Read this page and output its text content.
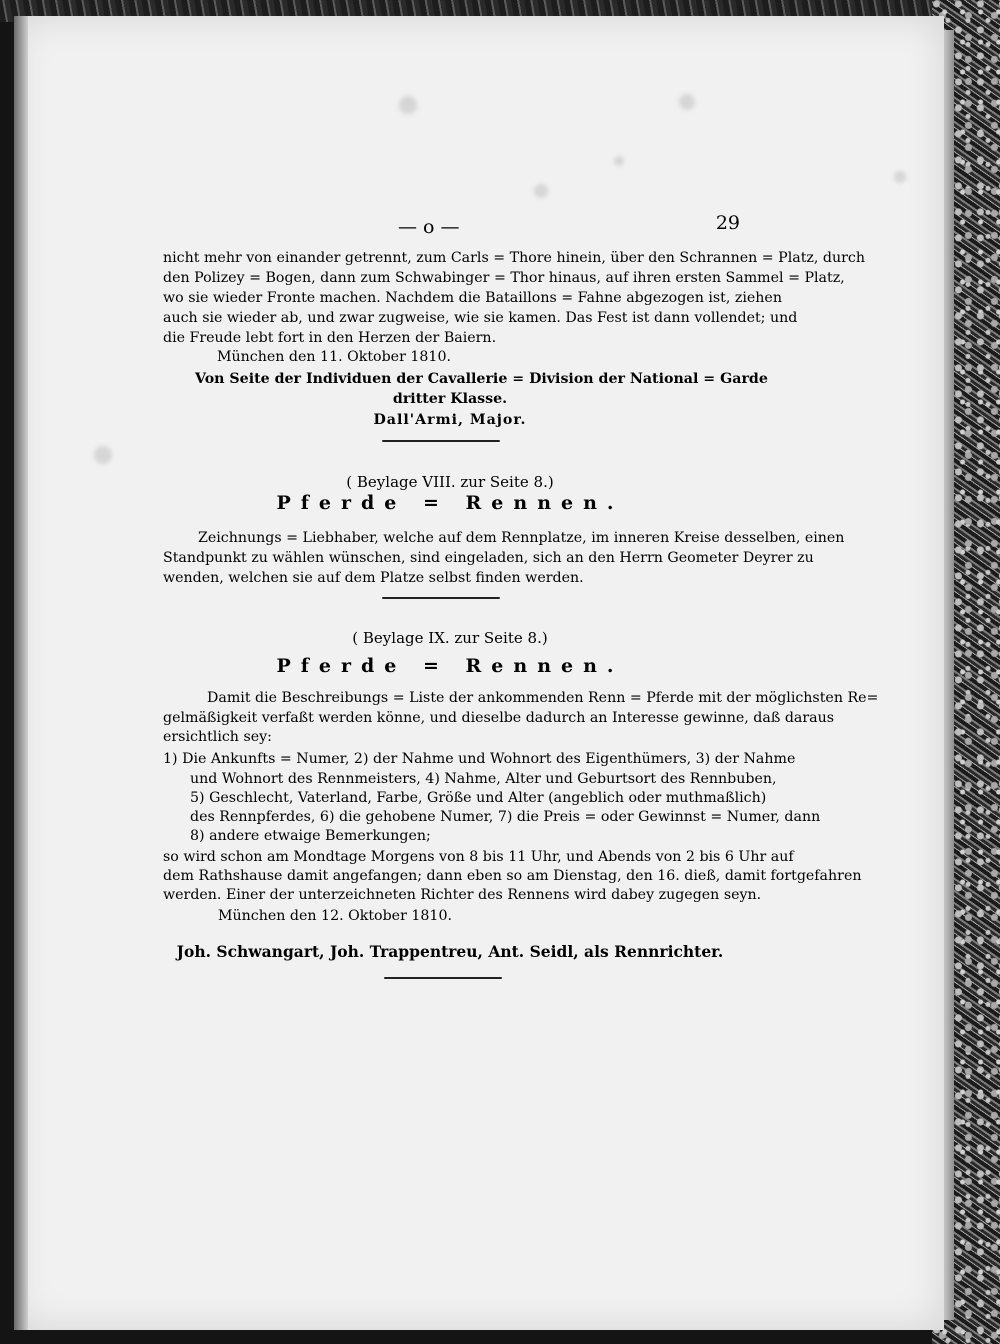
— o —	29
nicht mehr von einander getrennt, zum Carls = Thore hinein, über den Schrannen = Platz, durch
den Polizey = Bogen, dann zum Schwabinger = Thor hinaus, auf ihren ersten Sammel = Platz,
wo sie wieder Fronte machen. Nachdem die Bataillons = Fahne abgezogen ist, ziehen
auch sie wieder ab, und zwar zugweise, wie sie kamen. Das Fest ist dann vollendet; und
die Freude lebt fort in den Herzen der Baiern.
München den 11. Oktober 1810.
Von Seite der Individuen der Cavallerie = Division der National = Garde
dritter Klasse.
Dall'Armi, Major.
( Beylage VIII. zur Seite 8.)
Pferde = Rennen.
Zeichnungs = Liebhaber, welche auf dem Rennplatze, im inneren Kreise desselben, einen
Standpunkt zu wählen wünschen, sind eingeladen, sich an den Herrn Geometer Deyrer zu
wenden, welchen sie auf dem Platze selbst finden werden.
( Beylage IX. zur Seite 8.)
Pferde = Rennen.
Damit die Beschreibungs = Liste der ankommenden Renn = Pferde mit der möglichsten Re=
gelmäßigkeit verfaßt werden könne, und dieselbe dadurch an Interesse gewinne, daß daraus
ersichtlich sey:
1) Die Ankunfts = Numer, 2) der Nahme und Wohnort des Eigenthümers, 3) der Nahme
und Wohnort des Rennmeisters, 4) Nahme, Alter und Geburtsort des Rennbuben,
5) Geschlecht, Vaterland, Farbe, Größe und Alter (angeblich oder muthmaßlich)
des Rennpferdes, 6) die gehobene Numer, 7) die Preis = oder Gewinnst = Numer, dann
8) andere etwaige Bemerkungen;
so wird schon am Mondtage Morgens von 8 bis 11 Uhr, und Abends von 2 bis 6 Uhr auf
dem Rathshause damit angefangen; dann eben so am Dienstag, den 16. dieß, damit fortgefahren
werden. Einer der unterzeichneten Richter des Rennens wird dabey zugegen seyn.
München den 12. Oktober 1810.
Joh. Schwangart, Joh. Trappentreu, Ant. Seidl, als Rennrichter.
